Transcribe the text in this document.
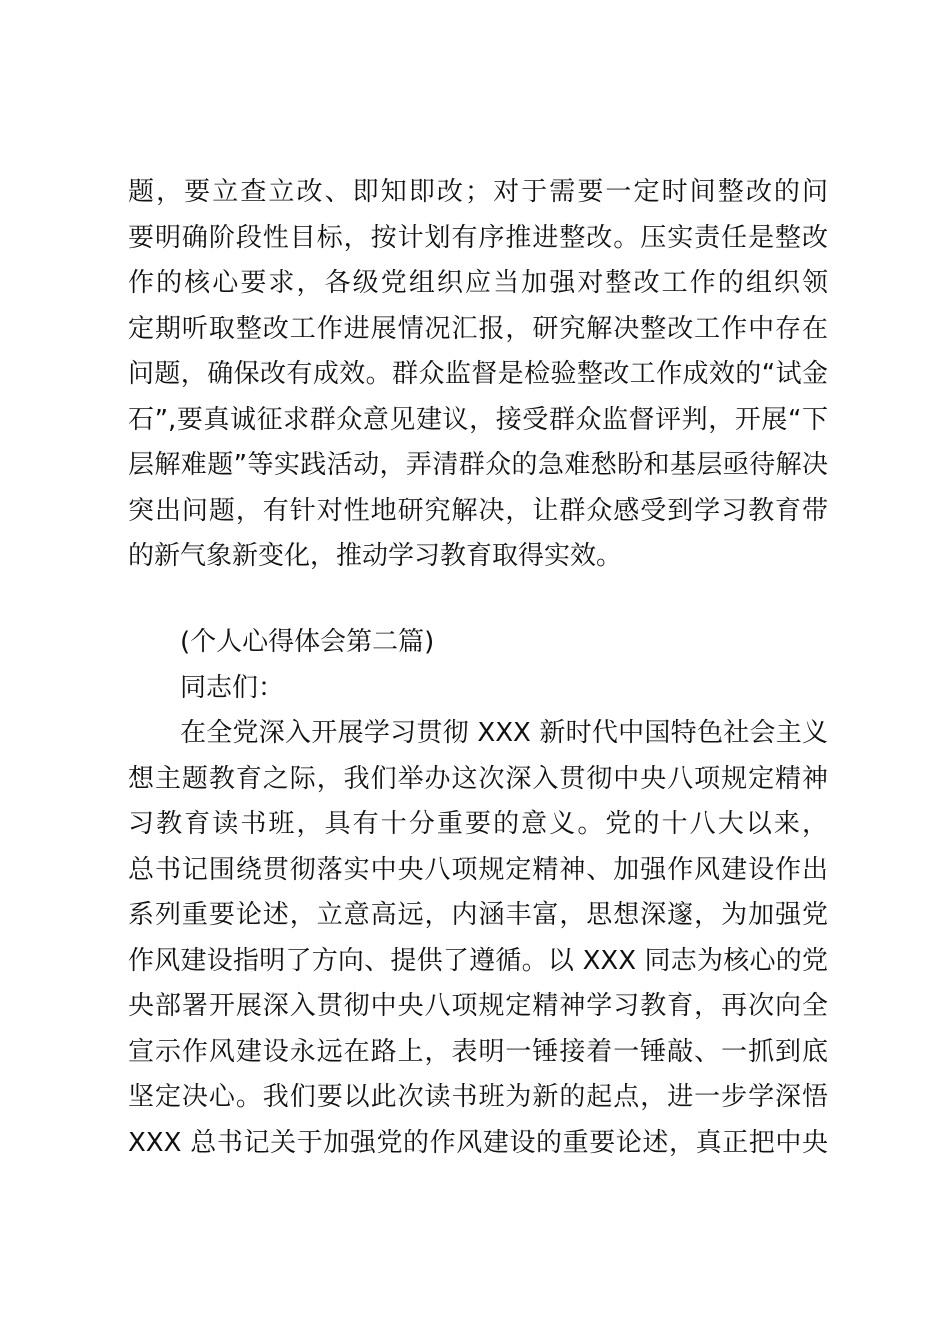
题，要立查立改、即知即改；对于需要一定时间整改的问
要明确阶段性目标，按计划有序推进整改。压实责任是整改
作的核心要求，各级党组织应当加强对整改工作的组织领
定期听取整改工作进展情况汇报，研究解决整改工作中存在
问题，确保改有成效。群众监督是检验整改工作成效的“试金
石”,要真诚征求群众意见建议，接受群众监督评判，开展“下
层解难题”等实践活动，弄清群众的急难愁盼和基层亟待解决
突出问题，有针对性地研究解决，让群众感受到学习教育带
的新气象新变化，推动学习教育取得实效。
(个人心得体会第二篇)
同志们：
在全党深入开展学习贯彻 XXX 新时代中国特色社会主义
想主题教育之际，我们举办这次深入贯彻中央八项规定精神
习教育读书班，具有十分重要的意义。党的十八大以来，
总书记围绕贯彻落实中央八项规定精神、加强作风建设作出
系列重要论述，立意高远，内涵丰富，思想深邃，为加强党
作风建设指明了方向、提供了遵循。以 XXX 同志为核心的党
央部署开展深入贯彻中央八项规定精神学习教育，再次向全
宣示作风建设永远在路上，表明一锤接着一锤敲、一抓到底
坚定决心。我们要以此次读书班为新的起点，进一步学深悟
XXX 总书记关于加强党的作风建设的重要论述，真正把中央
